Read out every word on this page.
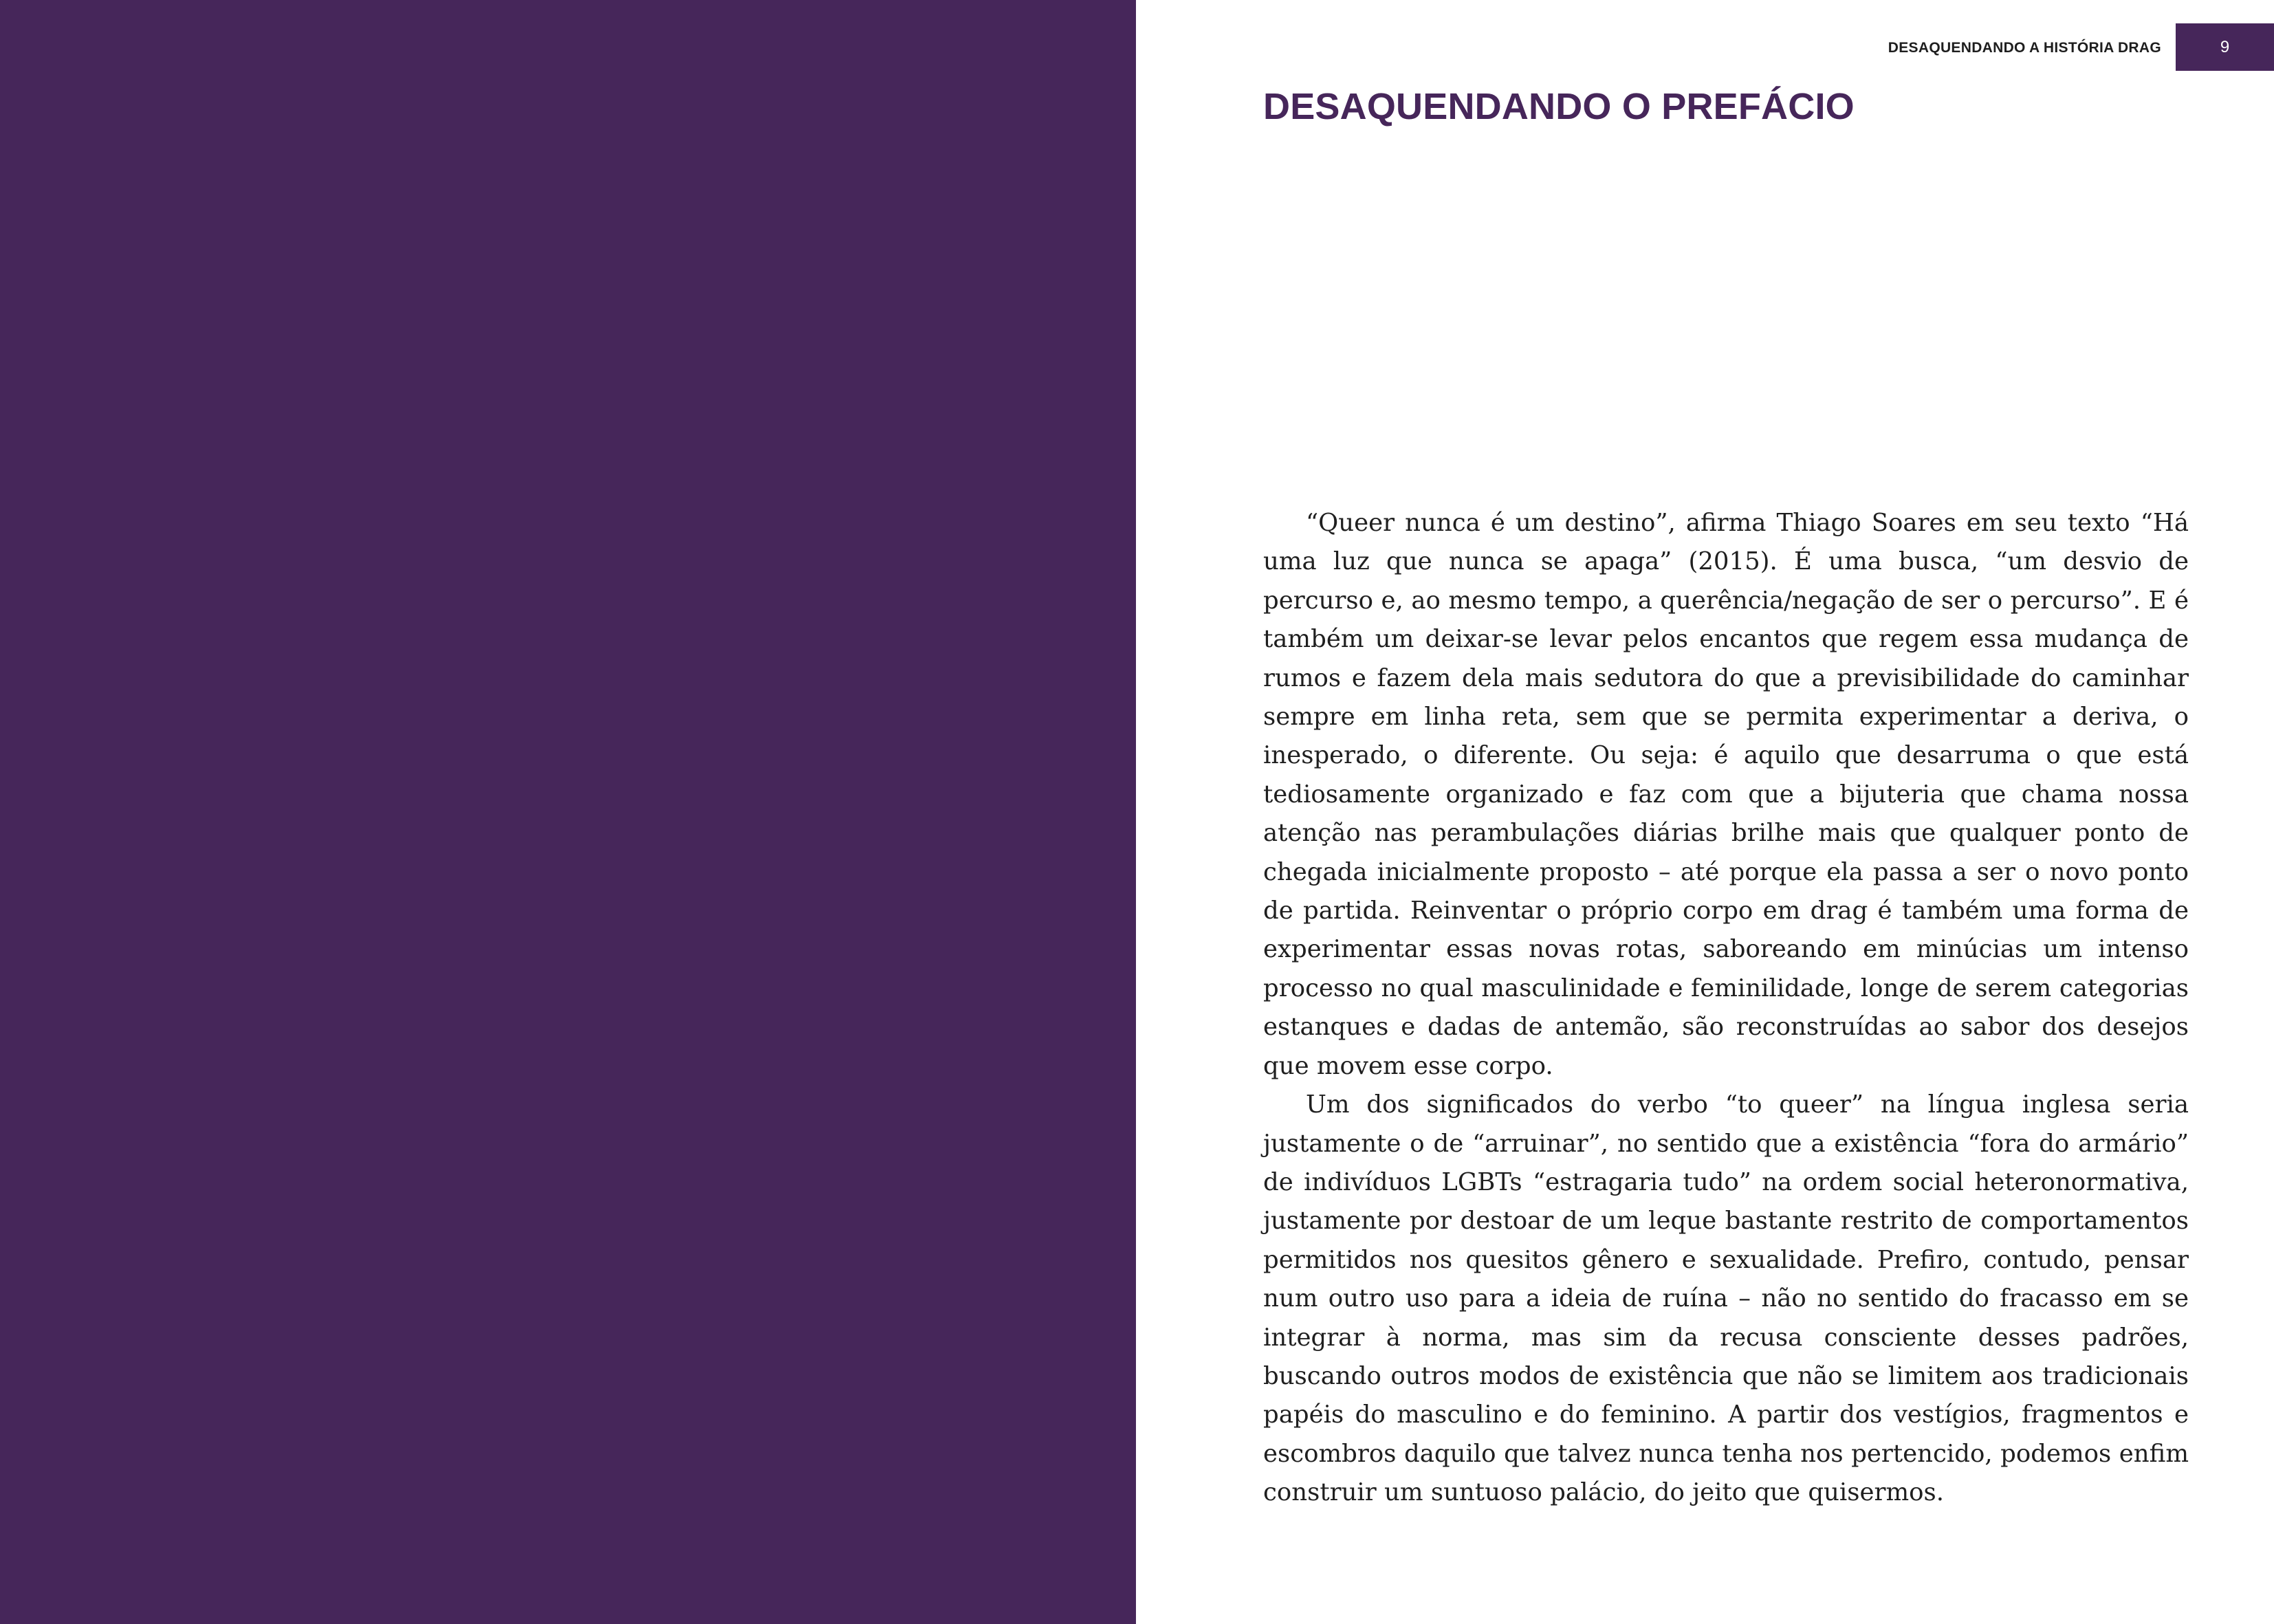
DESAQUENDANDO A HISTÓRIA DRAG	9
DESAQUENDANDO O PREFÁCIO

“Queer nunca é um destino”, afirma Thiago Soares em seu texto “Há uma luz que nunca se apaga” (2015). É uma busca, “um desvio de percurso e, ao mesmo tempo, a querência/negação de ser o percurso”. E é também um deixar-se levar pelos encantos que regem essa mudança de rumos e fazem dela mais sedutora do que a previsibilidade do caminhar sempre em linha reta, sem que se permita experimentar a deriva, o inesperado, o diferente. Ou seja: é aquilo que desarruma o que está tediosamente organizado e faz com que a bijuteria que chama nossa atenção nas perambulações diárias brilhe mais que qualquer ponto de chegada inicialmente proposto – até porque ela passa a ser o novo ponto de partida. Reinventar o próprio corpo em drag é também uma forma de experimentar essas novas rotas, saboreando em minúcias um intenso processo no qual masculinidade e feminilidade, longe de serem categorias estanques e dadas de antemão, são reconstruídas ao sabor dos desejos que movem esse corpo.

Um dos significados do verbo “to queer” na língua inglesa seria justamente o de “arruinar”, no sentido que a existência “fora do armário” de indivíduos LGBTs “estragaria tudo” na ordem social heteronormativa, justamente por destoar de um leque bastante restrito de comportamentos permitidos nos quesitos gênero e sexualidade. Prefiro, contudo, pensar num outro uso para a ideia de ruína – não no sentido do fracasso em se integrar à norma, mas sim da recusa consciente desses padrões, buscando outros modos de existência que não se limitem aos tradicionais papéis do masculino e do feminino. A partir dos vestígios, fragmentos e escombros daquilo que talvez nunca tenha nos pertencido, podemos enfim construir um suntuoso palácio, do jeito que quisermos.
